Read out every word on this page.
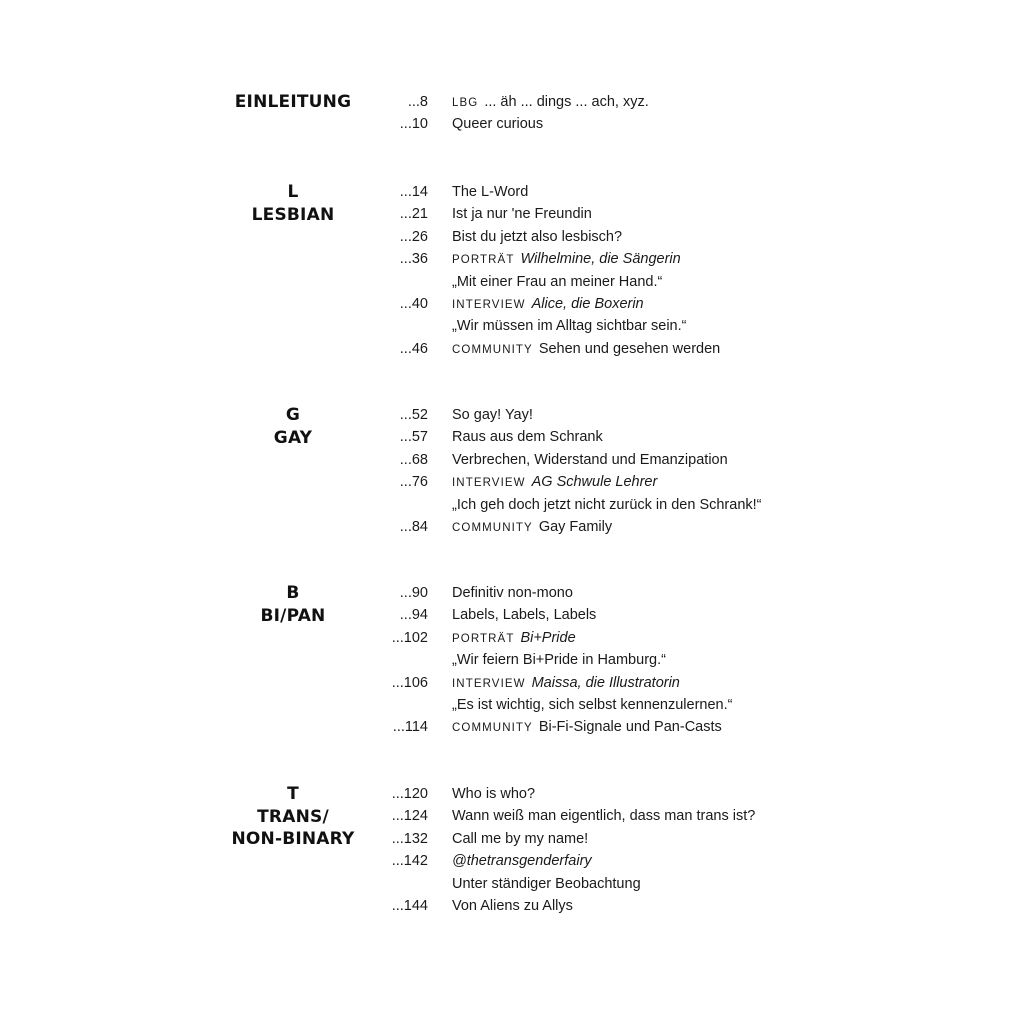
EINLEITUNG	...8 LBG ... äh ... dings ... ach, xyz.
...10 Queer curious
L
LESBIAN
...14 The L-Word
...21 Ist ja nur 'ne Freundin
...26 Bist du jetzt also lesbisch?
...36 PORTRÄT Wilhelmine, die Sängerin
„Mit einer Frau an meiner Hand.“
...40 INTERVIEW Alice, die Boxerin
„Wir müssen im Alltag sichtbar sein.“
...46 COMMUNITY Sehen und gesehen werden
G
GAY
...52 So gay! Yay!
...57 Raus aus dem Schrank
...68 Verbrechen, Widerstand und Emanzipation
...76 INTERVIEW AG Schwule Lehrer
„Ich geh doch jetzt nicht zurück in den Schrank!“
...84 COMMUNITY Gay Family
B
BI/PAN
...90 Definitiv non-mono
...94 Labels, Labels, Labels
...102 PORTRÄT Bi+Pride
„Wir feiern Bi+Pride in Hamburg.“
...106 INTERVIEW Maissa, die Illustratorin
„Es ist wichtig, sich selbst kennenzulernen.“
...114 COMMUNITY Bi-Fi-Signale und Pan-Casts
T
TRANS/
NON-BINARY
...120 Who is who?
...124 Wann weiß man eigentlich, dass man trans ist?
...132 Call me by my name!
...142 @thetransgenderfairy
Unter ständiger Beobachtung
...144 Von Aliens zu Allys
